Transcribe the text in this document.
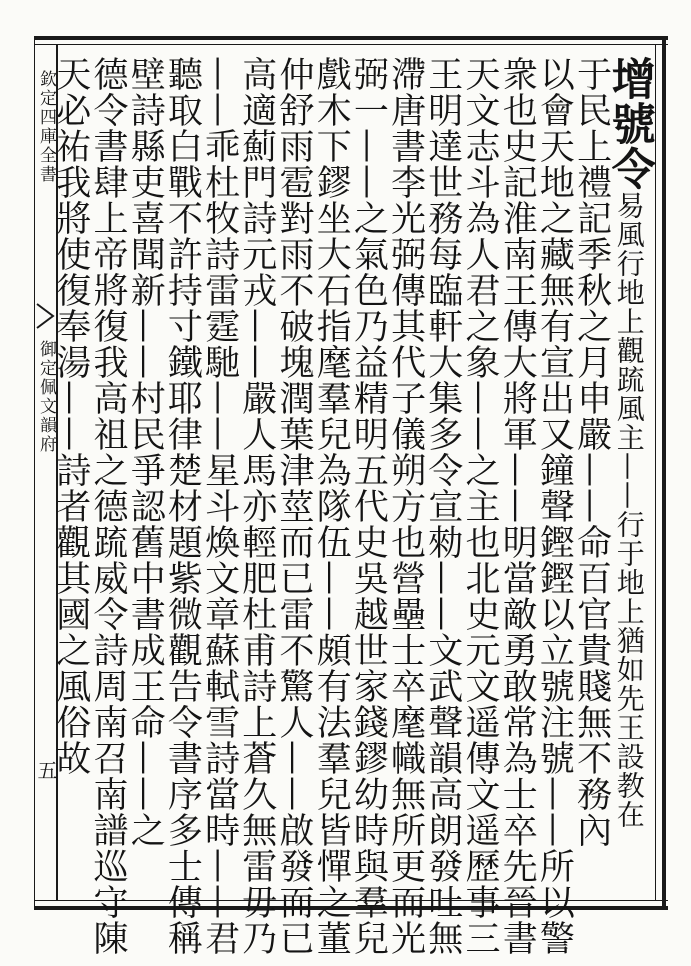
欽定四庫全書
御定佩文韻府
五
增號令易風行地上觀䟽風主——行于地上猶如先王設教在
于民上禮記季秋之月申嚴——命百官貴賤無不務內
以會天地之藏無有宣出又鐘聲鏗鏗以立號注號——所以警
衆也史記淮南王傳大將軍——明當敵勇敢常為士卒先晉書
天文志斗為人君之象——之主也北史元文遥傳文遥歷事三
王明達世務每臨軒大集多令宣勑——文武聲韻高朗發吐無
滯唐書李光弼傳其代子儀朔方也營壘士卒麾幟無所更而光
弼一——之氣色乃益精明五代史吳越世家錢鏐幼時與羣兒
戲木下鏐坐大石指麾羣兒為隊伍——頗有法羣兒皆憚之董
仲舒雨雹對雨不破塊潤葉津莖而已雷不驚人——啟發而已
高適薊門詩元戎——嚴人馬亦輕肥杜甫詩上蒼久無雷毋乃
——乖杜牧詩雷霆馳——星斗煥文章蘇軾雪詩當時——君
聽取白戰不許持寸鐵耶律楚材題紫微觀告令書序多士傳稱
壁詩縣吏喜聞新——村民爭認舊中書成王命——之
德令書肆上帝將復我高祖之德䟽威令詩周南召南譜巡守陳
天必祐我將使復奉湯——詩者觀其國之風俗故
